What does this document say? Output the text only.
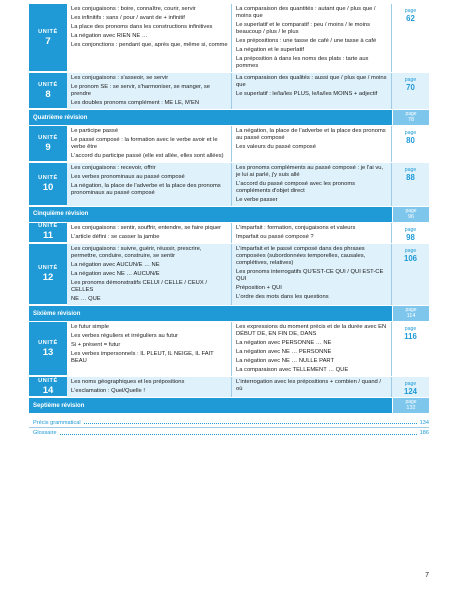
UNITÉ
7

Les conjugaisons : boire, connaître, courir, servir

Les infinitifs : sans / pour / avant de + infinitif

La place des pronoms dans les constructions infinitives

La négation avec RIEN NE …

Les conjonctions : pendant que, après que, même si, comme

La comparaison des quantités : autant que / plus que / moins que

Le superlatif et le comparatif : peu / moins / le moins beaucoup / plus / le plus

Les prépositions : une tasse de café / une tasse à café

La négation et le superlatif

La préposition à dans les noms des plats : tarte aux pommes

page
62
UNITÉ
8

Les conjugaisons : s'asseoir, se servir

Le pronom SE : se servir, s'harmoniser, se manger, se prendre

Les doubles pronoms complément : ME LE, M'EN

La comparaison des qualités : aussi que / plus que / moins que

Le superlatif : le/la/les PLUS, le/la/les MOINS + adjectif

page
70
Quatrième révision
page
78
UNITÉ
9

Le participe passé

Le passé composé : la formation avec le verbe avoir et le verbe être

L'accord du participe passé (elle est allée, elles sont allées)

La négation, la place de l'adverbe et la place des pronoms au passé composé

Les valeurs du passé composé

page
80
UNITÉ
10

Les conjugaisons : recevoir, offrir

Les verbes pronominaux au passé composé

La négation, la place de l'adverbe et la place des pronoms pronominaux au passé composé

Les pronoms compléments au passé composé : je l'ai vu, je lui ai parlé, j'y suis allé

L'accord du passé composé avec les pronoms compléments d'objet direct

Le verbe passer

page
88
Cinquième révision
page
96
UNITÉ
11

Les conjugaisons : sentir, souffrir, entendre, se faire piquer

L'article défini : se casser la jambe

L'imparfait : formation, conjugaisons et valeurs

Imparfait ou passé composé ?

page
98
UNITÉ
12

Les conjugaisons : suivre, guérir, réussir, prescrire, permettre, conduire, construire, se sentir

La négation avec AUCUN/E … NE

La négation avec NE … AUCUN/E

Les pronoms démonstratifs CELUI / CELLE / CEUX / CELLES

NE … QUE

L'imparfait et le passé composé dans des phrases composées (subordonnées temporelles, causales, complétives, relatives)

Les pronoms interrogatifs QU'EST-CE QUI / QUI EST-CE QUI

Préposition + QUI

L'ordre des mots dans les questions

page
106
Sixième révision
page
114
UNITÉ
13

Le futur simple

Les verbes réguliers et irréguliers au futur

Si + présent = futur

Les verbes impersonnels : IL PLEUT, IL NEIGE, IL FAIT BEAU

Les expressions du moment précis et de la durée avec EN DÉBUT DE, EN FIN DE, DANS

La négation avec PERSONNE … NE

La négation avec NE … PERSONNE

La négation avec NE … NULLE PART

La comparaison avec TELLEMENT … QUE

page
116
UNITÉ
14

Les noms géographiques et les prépositions

L'exclamation : Quel/Quelle !

L'interrogation avec les prépositions + combien / quand / où

page
124
Septième révision
page
132
Précis grammatical	134
Glossaire	186
7
